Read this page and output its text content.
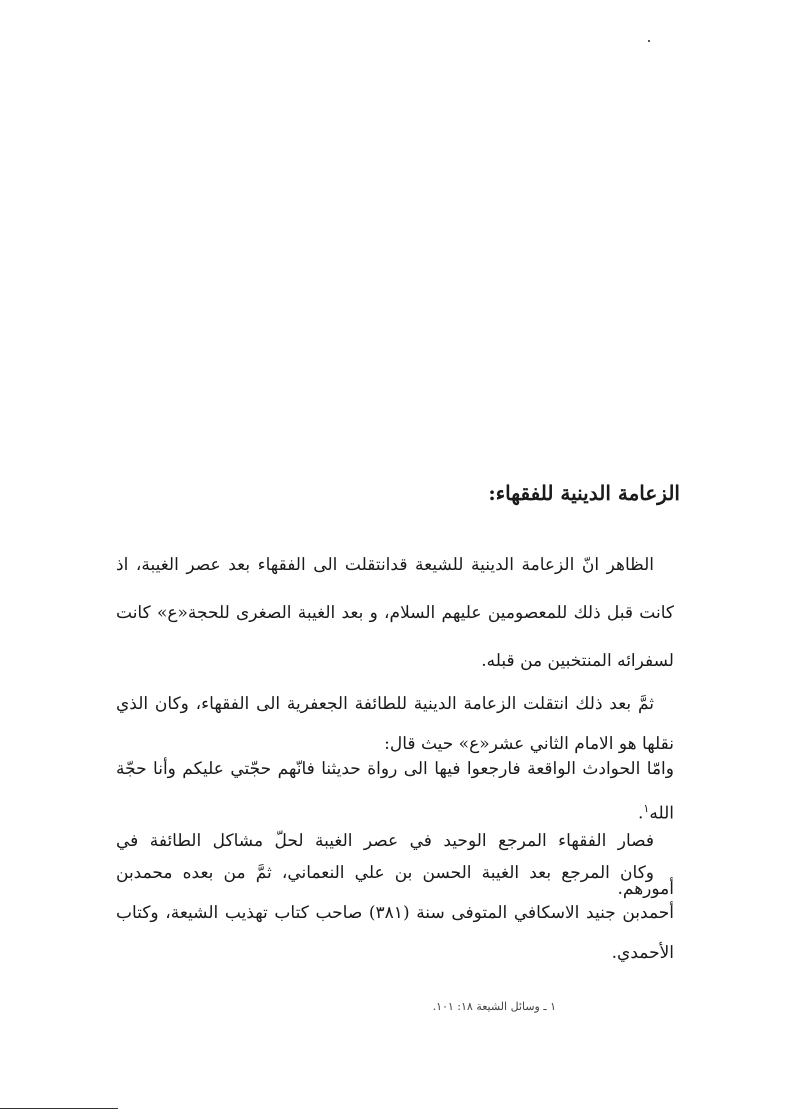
الزعامة الدينية للفقهاء:

الظاهر انّ الزعامة الدينية للشيعة قدانتقلت الى الفقهاء بعد عصر الغيبة، اذ كانت قبل ذلك للمعصومين عليهم السلام، و بعد الغيبة الصغرى للحجة«ع» كانت لسفرائه المنتخبين من قبله.

ثمَّ بعد ذلك انتقلت الزعامة الدينية للطائفة الجعفرية الى الفقهاء، وكان الذي نقلها هو الامام الثاني عشر«ع» حيث قال:

وامّا الحوادث الواقعة فارجعوا فيها الى رواة حديثنا فانّهم حجّتي عليكم وأنا حجّة الله$^١$.

فصار الفقهاء المرجع الوحيد في عصر الغيبة لحلّ مشاكل الطائفة في أمورهم.

وكان المرجع بعد الغيبة الحسن بن علي النعماني، ثمَّ من بعده محمدبن أحمدبن جنيد الاسكافي المتوفى سنة (٣٨١) صاحب كتاب تهذيب الشيعة، وكتاب الأحمدي.

١ ـ وسائل الشيعة ١٨: ١٠١.
